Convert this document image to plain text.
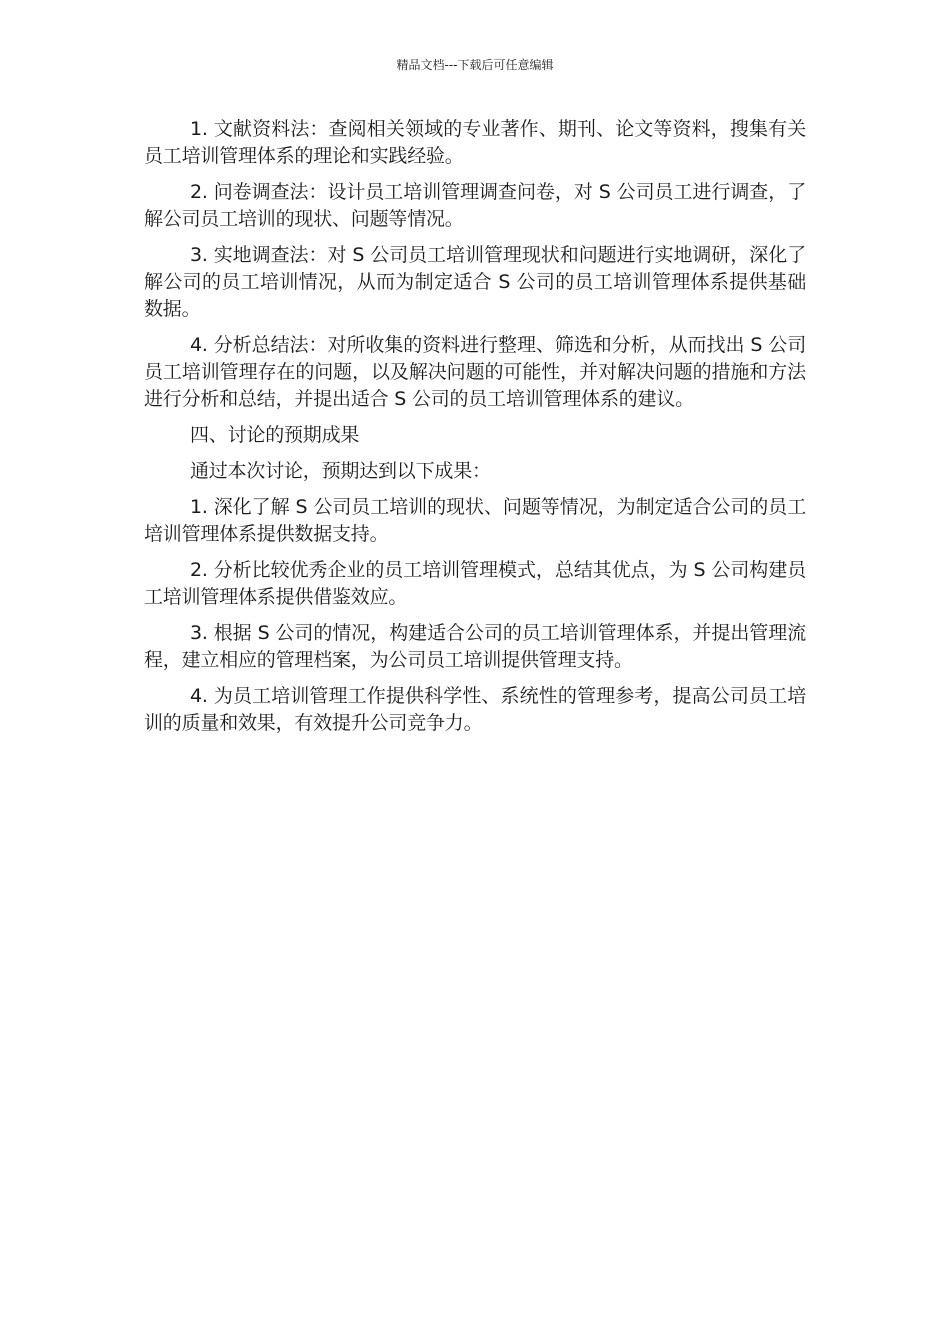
精品文档---下载后可任意编辑

1. 文献资料法：查阅相关领域的专业著作、期刊、论文等资料，搜集有关员工培训管理体系的理论和实践经验。

2. 问卷调查法：设计员工培训管理调查问卷，对 S 公司员工进行调查，了解公司员工培训的现状、问题等情况。

3. 实地调查法：对 S 公司员工培训管理现状和问题进行实地调研，深化了解公司的员工培训情况，从而为制定适合 S 公司的员工培训管理体系提供基础数据。

4. 分析总结法：对所收集的资料进行整理、筛选和分析，从而找出 S 公司员工培训管理存在的问题，以及解决问题的可能性，并对解决问题的措施和方法进行分析和总结，并提出适合 S 公司的员工培训管理体系的建议。

四、讨论的预期成果

通过本次讨论，预期达到以下成果：

1. 深化了解 S 公司员工培训的现状、问题等情况，为制定适合公司的员工培训管理体系提供数据支持。

2. 分析比较优秀企业的员工培训管理模式，总结其优点，为 S 公司构建员工培训管理体系提供借鉴效应。

3. 根据 S 公司的情况，构建适合公司的员工培训管理体系，并提出管理流程，建立相应的管理档案，为公司员工培训提供管理支持。

4. 为员工培训管理工作提供科学性、系统性的管理参考，提高公司员工培训的质量和效果，有效提升公司竞争力。
